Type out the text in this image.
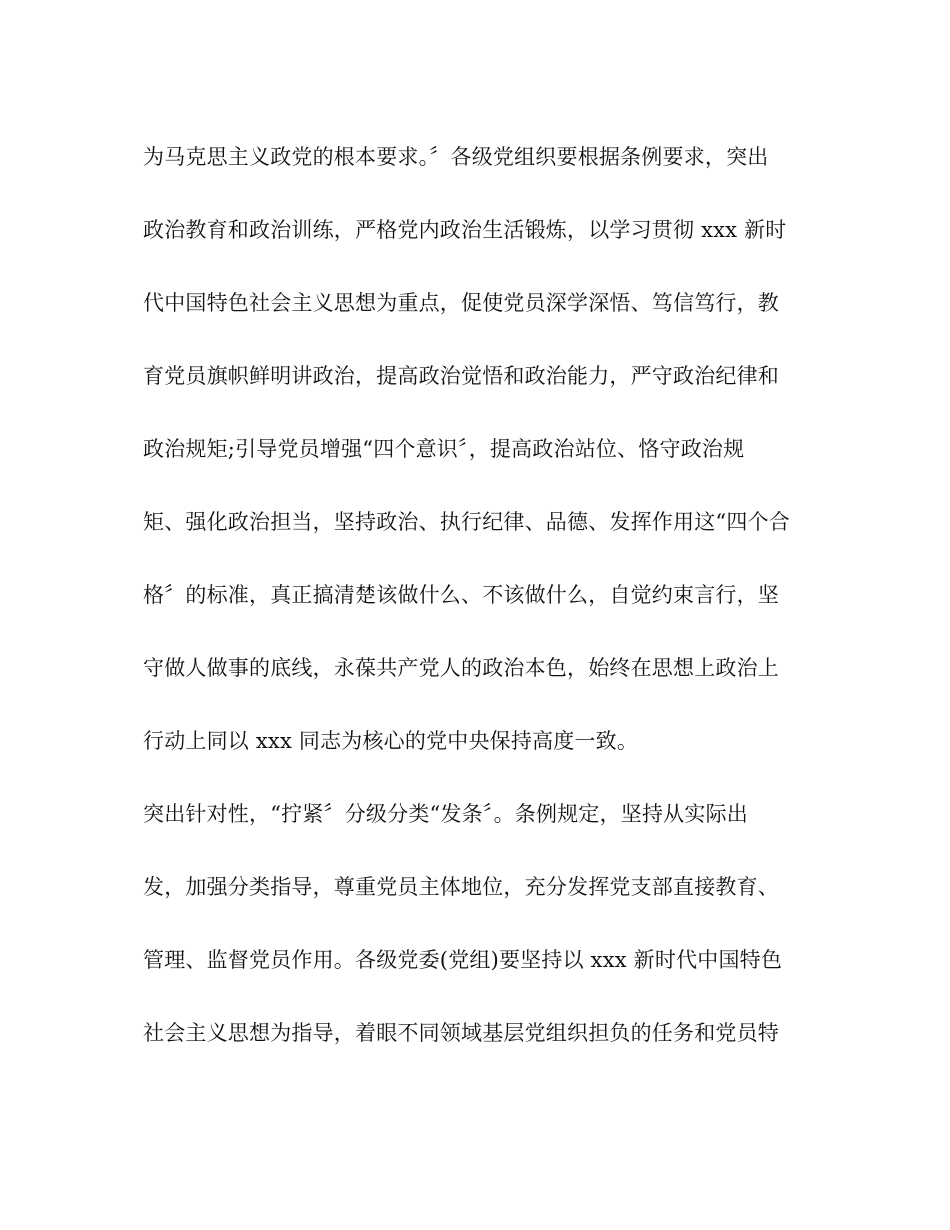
为马克思主义政党的根本要求。〞各级党组织要根据条例要求，突出
政治教育和政治训练，严格党内政治生活锻炼，以学习贯彻 xxx 新时
代中国特色社会主义思想为重点，促使党员深学深悟、笃信笃行，教
育党员旗帜鲜明讲政治，提高政治觉悟和政治能力，严守政治纪律和
政治规矩;引导党员增强“四个意识〞，提高政治站位、恪守政治规
矩、强化政治担当，坚持政治、执行纪律、品德、发挥作用这“四个合
格〞的标准，真正搞清楚该做什么、不该做什么，自觉约束言行，坚
守做人做事的底线，永葆共产党人的政治本色，始终在思想上政治上
行动上同以 xxx 同志为核心的党中央保持高度一致。
突出针对性，“拧紧〞分级分类“发条〞。条例规定，坚持从实际出
发，加强分类指导，尊重党员主体地位，充分发挥党支部直接教育、
管理、监督党员作用。各级党委(党组)要坚持以 xxx 新时代中国特色
社会主义思想为指导，着眼不同领域基层党组织担负的任务和党员特
